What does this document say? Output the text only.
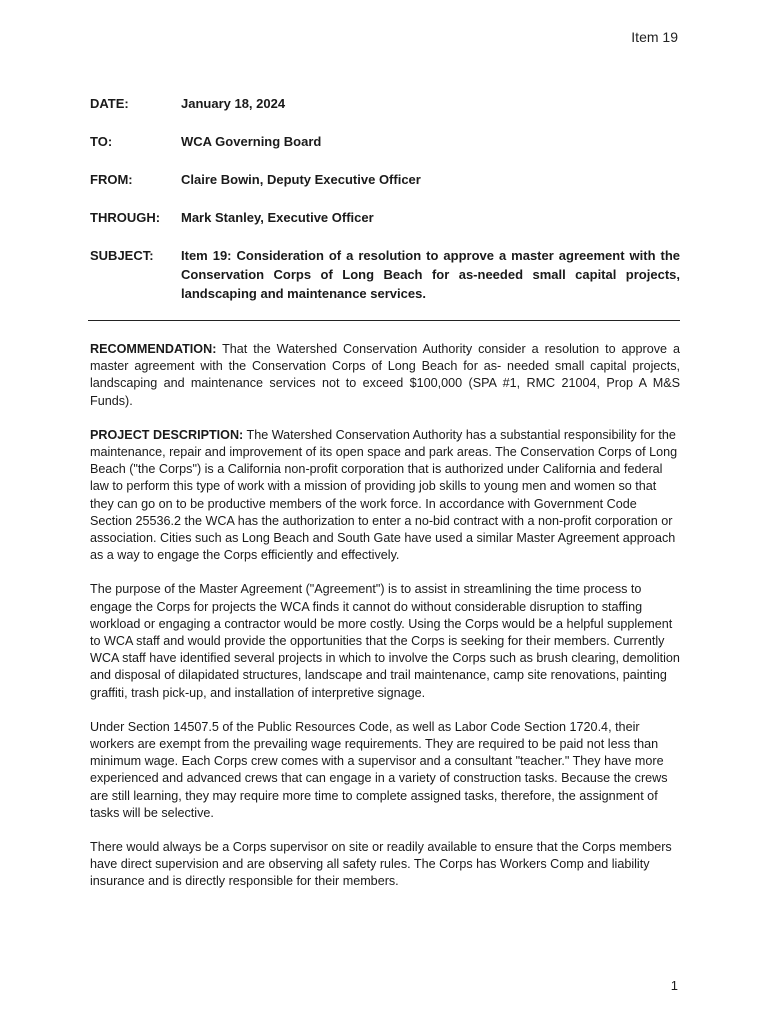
Item 19
DATE:	January 18, 2024
TO:	WCA Governing Board
FROM:	Claire Bowin, Deputy Executive Officer
THROUGH:	Mark Stanley, Executive Officer
SUBJECT:	Item 19: Consideration of a resolution to approve a master agreement with the Conservation Corps of Long Beach for as-needed small capital projects, landscaping and maintenance services.

RECOMMENDATION: That the Watershed Conservation Authority consider a resolution to approve a master agreement with the Conservation Corps of Long Beach for as- needed small capital projects, landscaping and maintenance services not to exceed $100,000 (SPA #1, RMC 21004, Prop A M&S Funds).

PROJECT DESCRIPTION: The Watershed Conservation Authority has a substantial responsibility for the maintenance, repair and improvement of its open space and park areas. The Conservation Corps of Long Beach ("the Corps") is a California non-profit corporation that is authorized under California and federal law to perform this type of work with a mission of providing job skills to young men and women so that they can go on to be productive members of the work force. In accordance with Government Code Section 25536.2 the WCA has the authorization to enter a no-bid contract with a non-profit corporation or association. Cities such as Long Beach and South Gate have used a similar Master Agreement approach as a way to engage the Corps efficiently and effectively.

The purpose of the Master Agreement ("Agreement") is to assist in streamlining the time process to engage the Corps for projects the WCA finds it cannot do without considerable disruption to staffing workload or engaging a contractor would be more costly. Using the Corps would be a helpful supplement to WCA staff and would provide the opportunities that the Corps is seeking for their members. Currently WCA staff have identified several projects in which to involve the Corps such as brush clearing, demolition and disposal of dilapidated structures, landscape and trail maintenance, camp site renovations, painting graffiti, trash pick-up, and installation of interpretive signage.

Under Section 14507.5 of the Public Resources Code, as well as Labor Code Section 1720.4, their workers are exempt from the prevailing wage requirements. They are required to be paid not less than minimum wage. Each Corps crew comes with a supervisor and a consultant "teacher." They have more experienced and advanced crews that can engage in a variety of construction tasks. Because the crews are still learning, they may require more time to complete assigned tasks, therefore, the assignment of tasks will be selective.

There would always be a Corps supervisor on site or readily available to ensure that the Corps members have direct supervision and are observing all safety rules. The Corps has Workers Comp and liability insurance and is directly responsible for their members.

1
